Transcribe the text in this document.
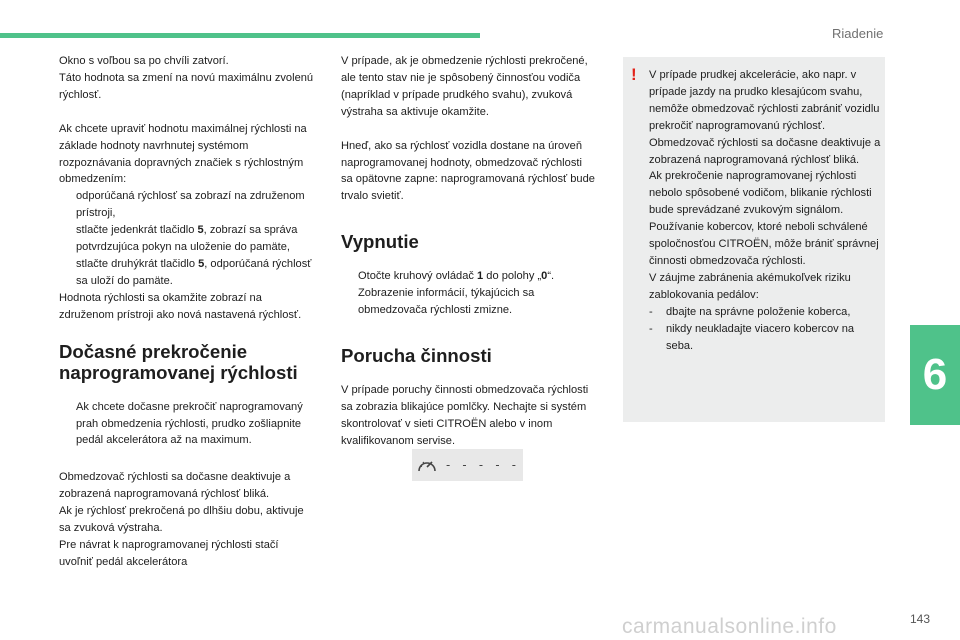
Riadenie
6

Okno s voľbou sa po chvíli zatvorí.
Táto hodnota sa zmení na novú maximálnu zvolenú rýchlosť.

Ak chcete upraviť hodnotu maximálnej rýchlosti na základe hodnoty navrhnutej systémom rozpoznávania dopravných značiek s rýchlostným obmedzením:
odporúčaná rýchlosť sa zobrazí na združenom prístroji,
stlačte jedenkrát tlačidlo 5, zobrazí sa správa potvrdzujúca pokyn na uloženie do pamäte,
stlačte druhýkrát tlačidlo 5, odporúčaná rýchlosť sa uloží do pamäte.
Hodnota rýchlosti sa okamžite zobrazí na združenom prístroji ako nová nastavená rýchlosť.
Dočasné prekročenie naprogramovanej rýchlosti
Ak chcete dočasne prekročiť naprogramovaný prah obmedzenia rýchlosti, prudko zošliapnite pedál akcelerátora až na maximum.

Obmedzovač rýchlosti sa dočasne deaktivuje a zobrazená naprogramovaná rýchlosť bliká.
Ak je rýchlosť prekročená po dlhšiu dobu, aktivuje sa zvuková výstraha.
Pre návrat k naprogramovanej rýchlosti stačí uvoľniť pedál akcelerátora

V prípade, ak je obmedzenie rýchlosti prekročené, ale tento stav nie je spôsobený činnosťou vodiča (napríklad v prípade prudkého svahu), zvuková výstraha sa aktivuje okamžite.

Hneď, ako sa rýchlosť vozidla dostane na úroveň naprogramovanej hodnoty, obmedzovač rýchlosti sa opätovne zapne: naprogramovaná rýchlosť bude trvalo svietiť.

Vypnutie
Otočte kruhový ovládač 1 do polohy „0“. Zobrazenie informácií, týkajúcich sa obmedzovača rýchlosti zmizne.
Porucha činnosti

V prípade poruchy činnosti obmedzovača rýchlosti sa zobrazia blikajúce pomlčky. Nechajte si systém skontrolovať v sieti CITROËN alebo v inom kvalifikovanom servise.

- - - - -
! V prípade prudkej akcelerácie, ako napr. v prípade jazdy na prudko klesajúcom svahu, nemôže obmedzovač rýchlosti zabrániť vozidlu prekročiť naprogramovanú rýchlosť.
Obmedzovač rýchlosti sa dočasne deaktivuje a zobrazená naprogramovaná rýchlosť bliká.
Ak prekročenie naprogramovanej rýchlosti nebolo spôsobené vodičom, blikanie rýchlosti bude sprevádzané zvukovým signálom.
Používanie kobercov, ktoré neboli schválené spoločnosťou CITROËN, môže brániť správnej činnosti obmedzovača rýchlosti.
V záujme zabránenia akémukoľvek riziku zablokovania pedálov:
-	dbajte na správne položenie koberca,
-	nikdy neukladajte viacero kobercov na seba.
143
carmanualsonline.info
